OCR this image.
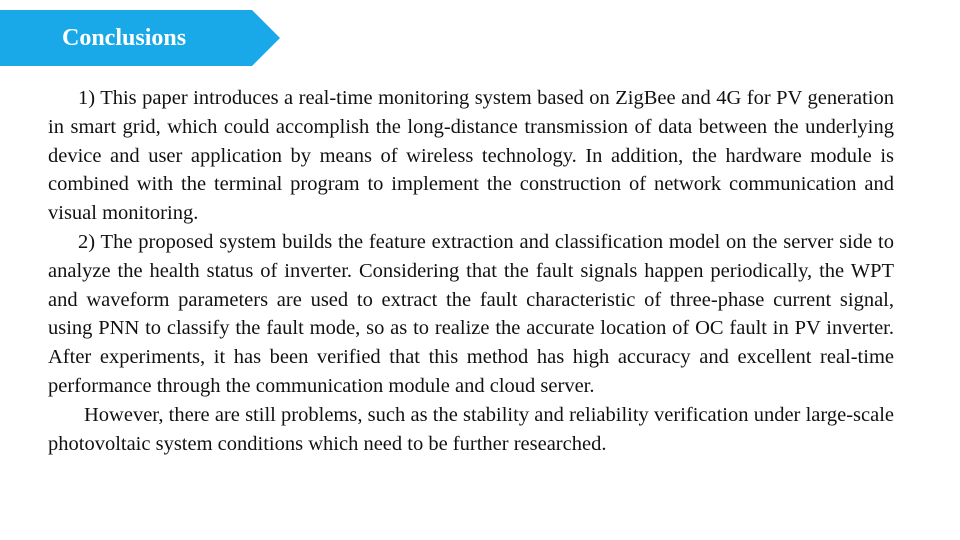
Conclusions

1) This paper introduces a real-time monitoring system based on ZigBee and 4G for PV generation in smart grid, which could accomplish the long-distance transmission of data between the underlying device and user application by means of wireless technology. In addition, the hardware module is combined with the terminal program to implement the construction of network communication and visual monitoring.

2) The proposed system builds the feature extraction and classification model on the server side to analyze the health status of inverter. Considering that the fault signals happen periodically, the WPT and waveform parameters are used to extract the fault characteristic of three-phase current signal, using PNN to classify the fault mode, so as to realize the accurate location of OC fault in PV inverter. After experiments, it has been verified that this method has high accuracy and excellent real-time performance through the communication module and cloud server.

However, there are still problems, such as the stability and reliability verification under large-scale photovoltaic system conditions which need to be further researched.
